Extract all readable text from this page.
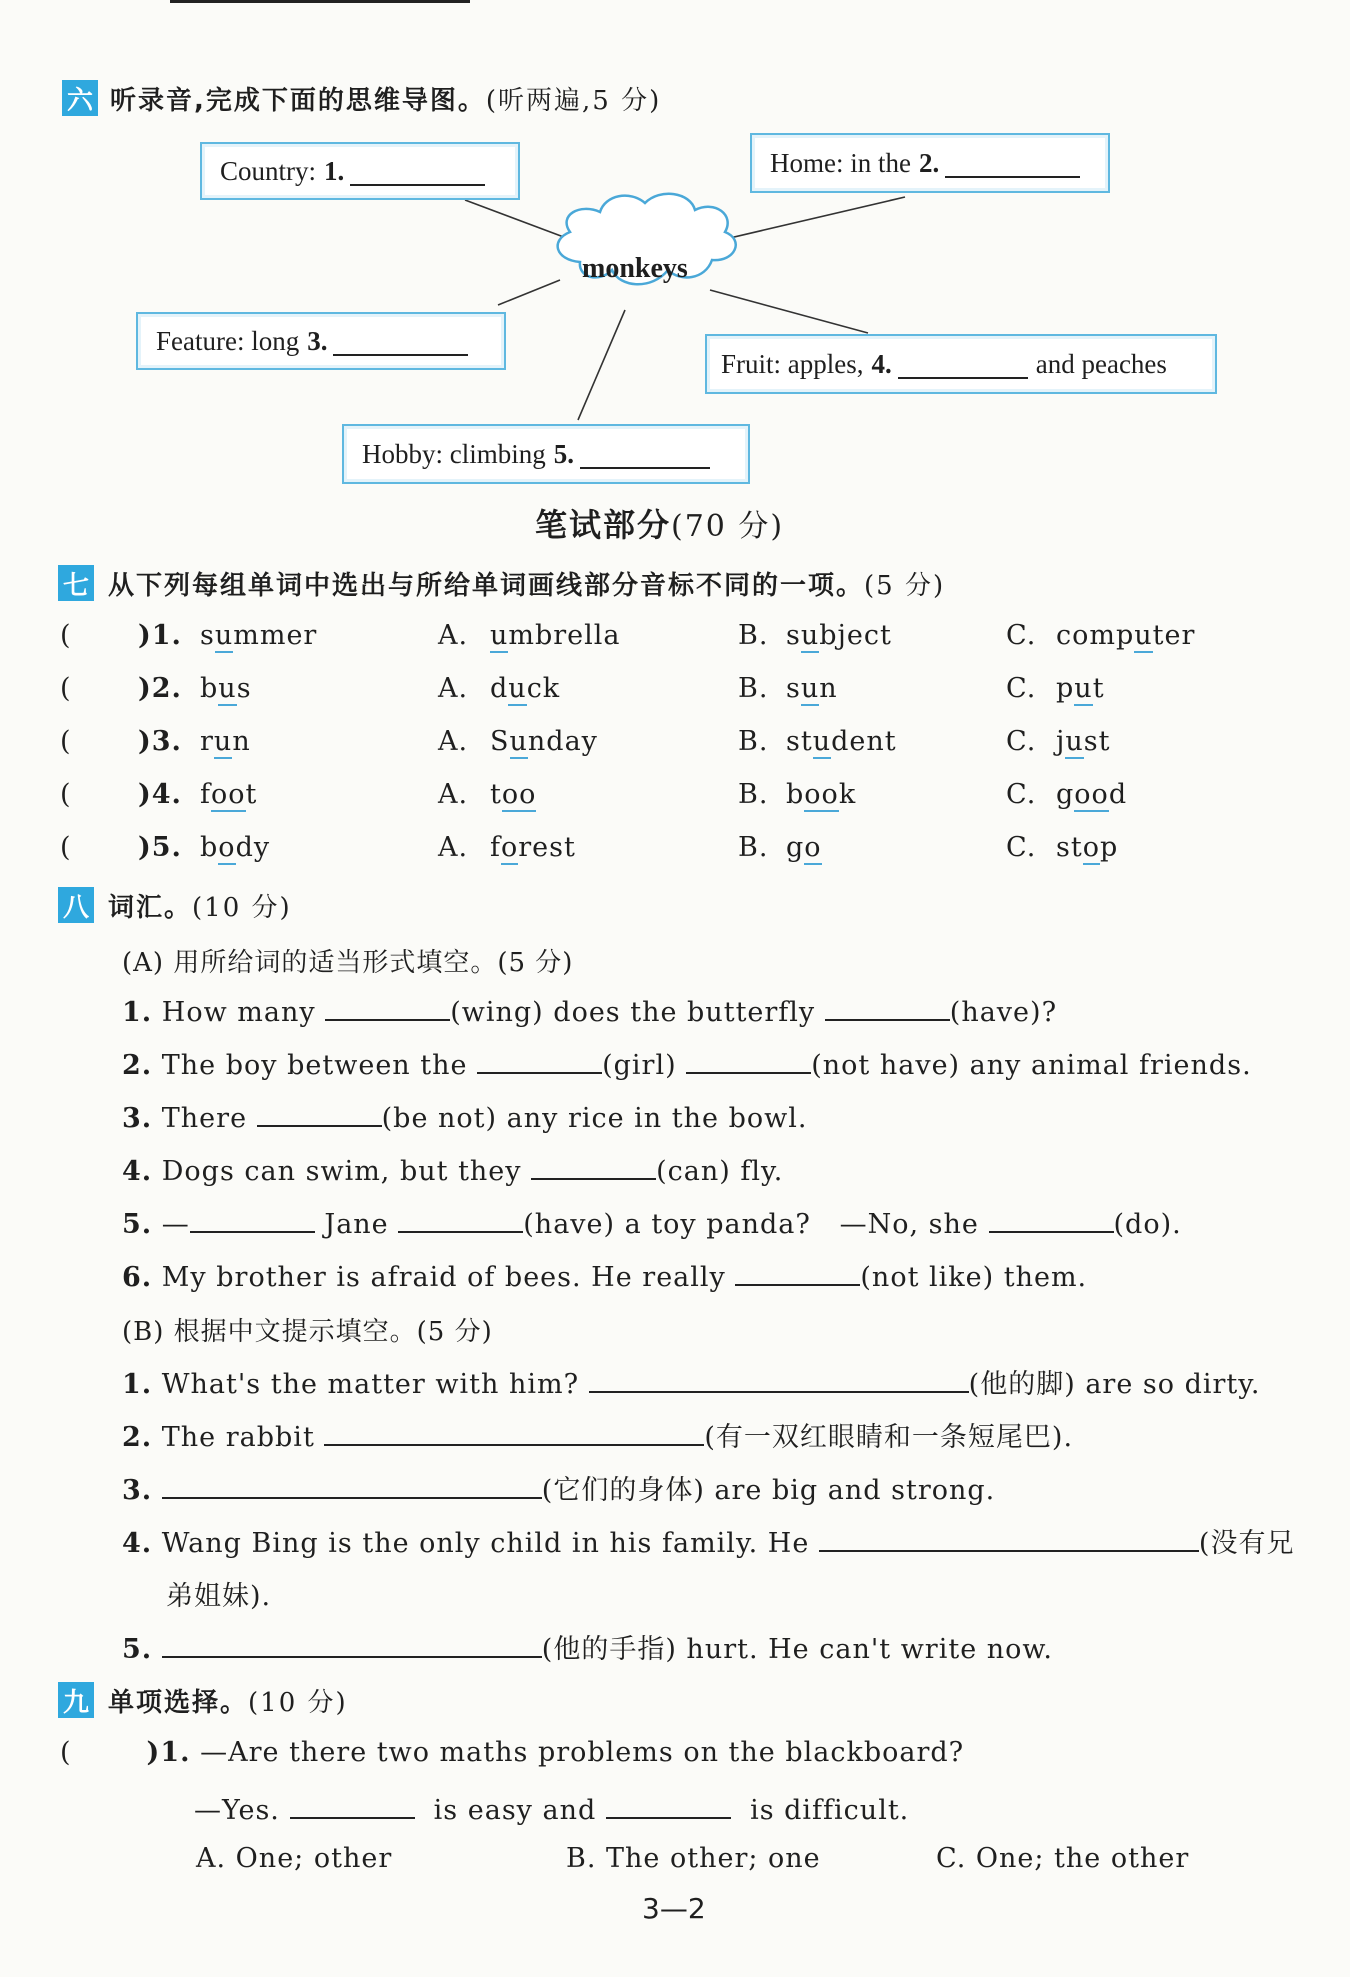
六 听录音,完成下面的思维导图。(听两遍,5 分)
monkeys
Country: 1.	Home: in the 2.
Feature: long 3.
Fruit: apples, 4.	and peaches
Hobby: climbing 5.
笔试部分(70 分)
七 从下列每组单词中选出与所给单词画线部分音标不同的一项。(5 分)
( )1. summer	A. umbrella	B. subject	C. computer
( )2. bus	A. duck	B. sun	C. put
( )3. run	A. Sunday	B. student	C. just
( )4. foot	A. too	B. book	C. good
( )5. body	A. forest	B. go	C. stop
八 词汇。(10 分)
(A) 用所给词的适当形式填空。(5 分)
1. How many	(wing) does the butterfly	(have)?
2. The boy between the	(girl)	(not have) any animal friends.
3. There	(be not) any rice in the bowl.
4. Dogs can swim, but they	(can) fly.
5. —	Jane	(have) a toy panda? —No, she	(do).
6. My brother is afraid of bees. He really	(not like) them.
(B) 根据中文提示填空。(5 分)
1. What's the matter with him?	(他的脚) are so dirty.
2. The rabbit	(有一双红眼睛和一条短尾巴).
3.	(它们的身体) are big and strong.
4. Wang Bing is the only child in his family. He	(没有兄
弟姐妹).
5.	(他的手指) hurt. He can't write now.
九 单项选择。(10 分)
(	)1. —Are there two maths problems on the blackboard?
—Yes.	is easy and	is difficult.
A. One; other	B. The other; one	C. One; the other
3—2
